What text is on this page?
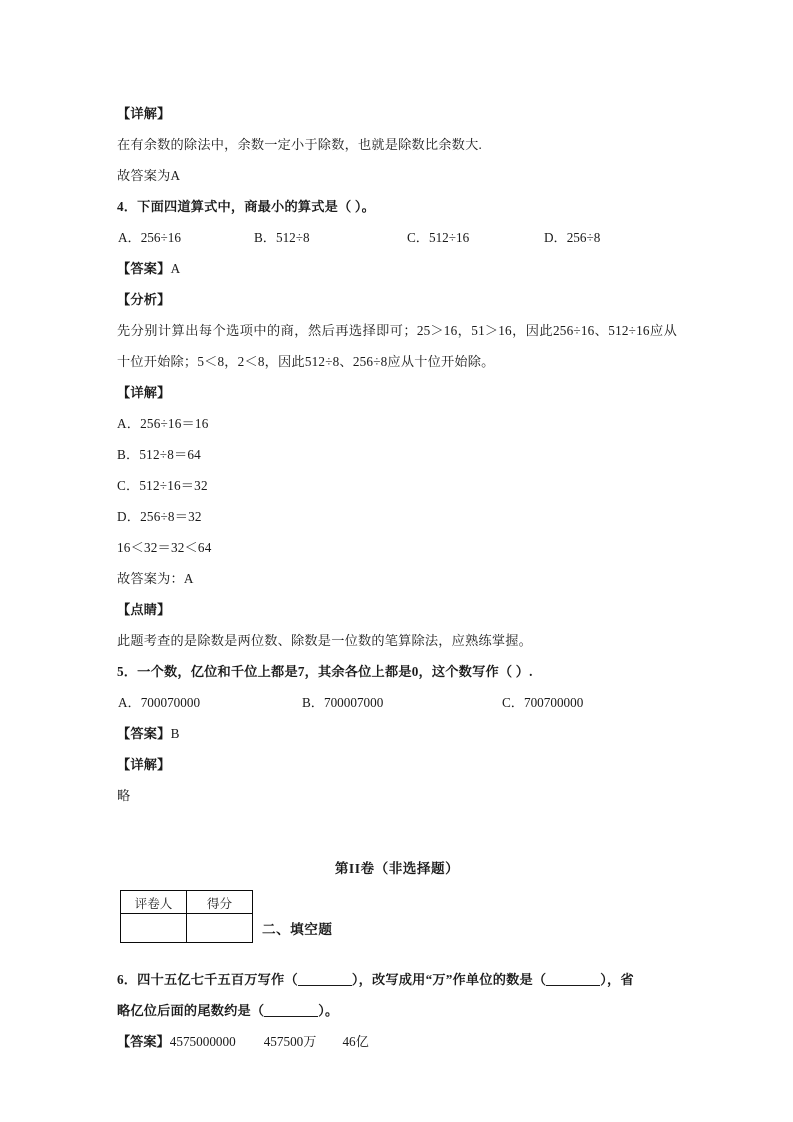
【详解】
在有余数的除法中，余数一定小于除数，也就是除数比余数大.
故答案为A
4．下面四道算式中，商最小的算式是（ ）。
A．256÷16	B．512÷8	C．512÷16	D．256÷8
【答案】A
【分析】
先分别计算出每个选项中的商，然后再选择即可；25＞16，51＞16，因此256÷16、512÷16应从十位开始除；5＜8，2＜8，因此512÷8、256÷8应从十位开始除。
【详解】
A．256÷16＝16
B．512÷8＝64
C．512÷16＝32
D．256÷8＝32
16＜32＝32＜64
故答案为：A
【点睛】
此题考查的是除数是两位数、除数是一位数的笔算除法，应熟练掌握。
5．一个数，亿位和千位上都是7，其余各位上都是0，这个数写作（ ）.
A．700070000	B．700007000	C．700700000
【答案】B
【详解】
略
第II卷（非选择题）
评卷人	得分

二、填空题
6．四十五亿七千五百万写作（	），改写成用“万”作单位的数是（	），省
略亿位后面的尾数约是（	）。
【答案】4575000000 457500万 46亿
